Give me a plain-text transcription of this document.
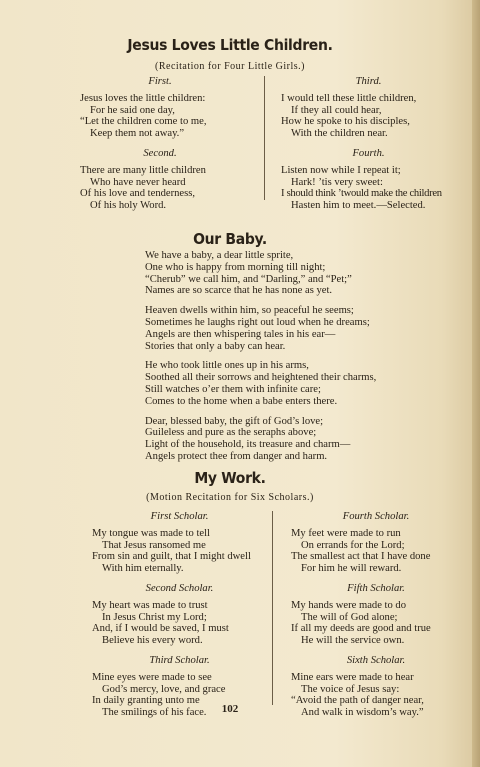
Jesus Loves Little Children.
(Recitation for Four Little Girls.)
First.
Jesus loves the little children:
For he said one day,
“Let the children come to me,
Keep them not away.”
Second.
There are many little children
Who have never heard
Of his love and tenderness,
Of his holy Word.
Third.
I would tell these little children,
If they all could hear,
How he spoke to his disciples,
With the children near.
Fourth.
Listen now while I repeat it;
Hark! ’tis very sweet:
I should think ’twould make the children
Hasten him to meet.—Selected.
Our Baby.
We have a baby, a dear little sprite,
One who is happy from morning till night;
“Cherub” we call him, and “Darling,” and “Pet;”
Names are so scarce that he has none as yet.
Heaven dwells within him, so peaceful he seems;
Sometimes he laughs right out loud when he dreams;
Angels are then whispering tales in his ear—
Stories that only a baby can hear.
He who took little ones up in his arms,
Soothed all their sorrows and heightened their charms,
Still watches o’er them with infinite care;
Comes to the home when a babe enters there.
Dear, blessed baby, the gift of God’s love;
Guileless and pure as the seraphs above;
Light of the household, its treasure and charm—
Angels protect thee from danger and harm.
My Work.
(Motion Recitation for Six Scholars.)
First Scholar.
My tongue was made to tell
That Jesus ransomed me
From sin and guilt, that I might dwell
With him eternally.
Second Scholar.
My heart was made to trust
In Jesus Christ my Lord;
And, if I would be saved, I must
Believe his every word.
Third Scholar.
Mine eyes were made to see
God’s mercy, love, and grace
In daily granting unto me
The smilings of his face.
Fourth Scholar.
My feet were made to run
On errands for the Lord;
The smallest act that I have done
For him he will reward.
Fifth Scholar.
My hands were made to do
The will of God alone;
If all my deeds are good and true
He will the service own.
Sixth Scholar.
Mine ears were made to hear
The voice of Jesus say:
“Avoid the path of danger near,
And walk in wisdom’s way.”
102
